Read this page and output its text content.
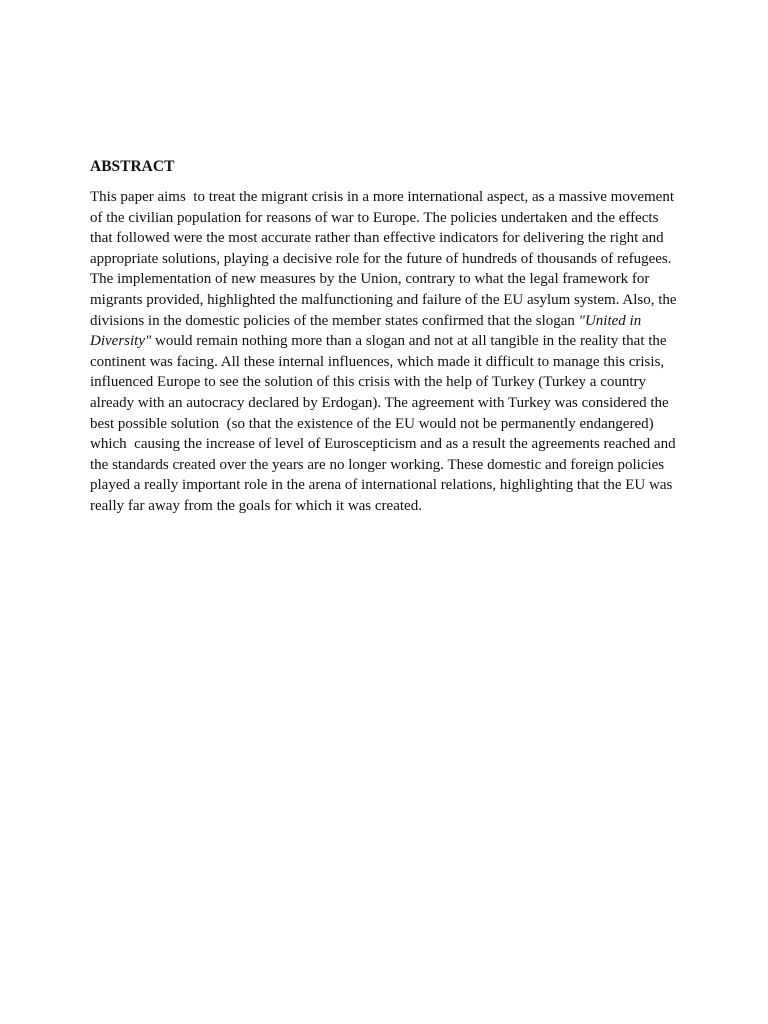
ABSTRACT

This paper aims  to treat the migrant crisis in a more international aspect, as a massive movement of the civilian population for reasons of war to Europe. The policies undertaken and the effects that followed were the most accurate rather than effective indicators for delivering the right and appropriate solutions, playing a decisive role for the future of hundreds of thousands of refugees. The implementation of new measures by the Union, contrary to what the legal framework for migrants provided, highlighted the malfunctioning and failure of the EU asylum system. Also, the divisions in the domestic policies of the member states confirmed that the slogan "United in Diversity" would remain nothing more than a slogan and not at all tangible in the reality that the continent was facing. All these internal influences, which made it difficult to manage this crisis, influenced Europe to see the solution of this crisis with the help of Turkey (Turkey a country already with an autocracy declared by Erdogan). The agreement with Turkey was considered the best possible solution  (so that the existence of the EU would not be permanently endangered) which  causing the increase of level of Euroscepticism and as a result the agreements reached and the standards created over the years are no longer working. These domestic and foreign policies played a really important role in the arena of international relations, highlighting that the EU was really far away from the goals for which it was created.
